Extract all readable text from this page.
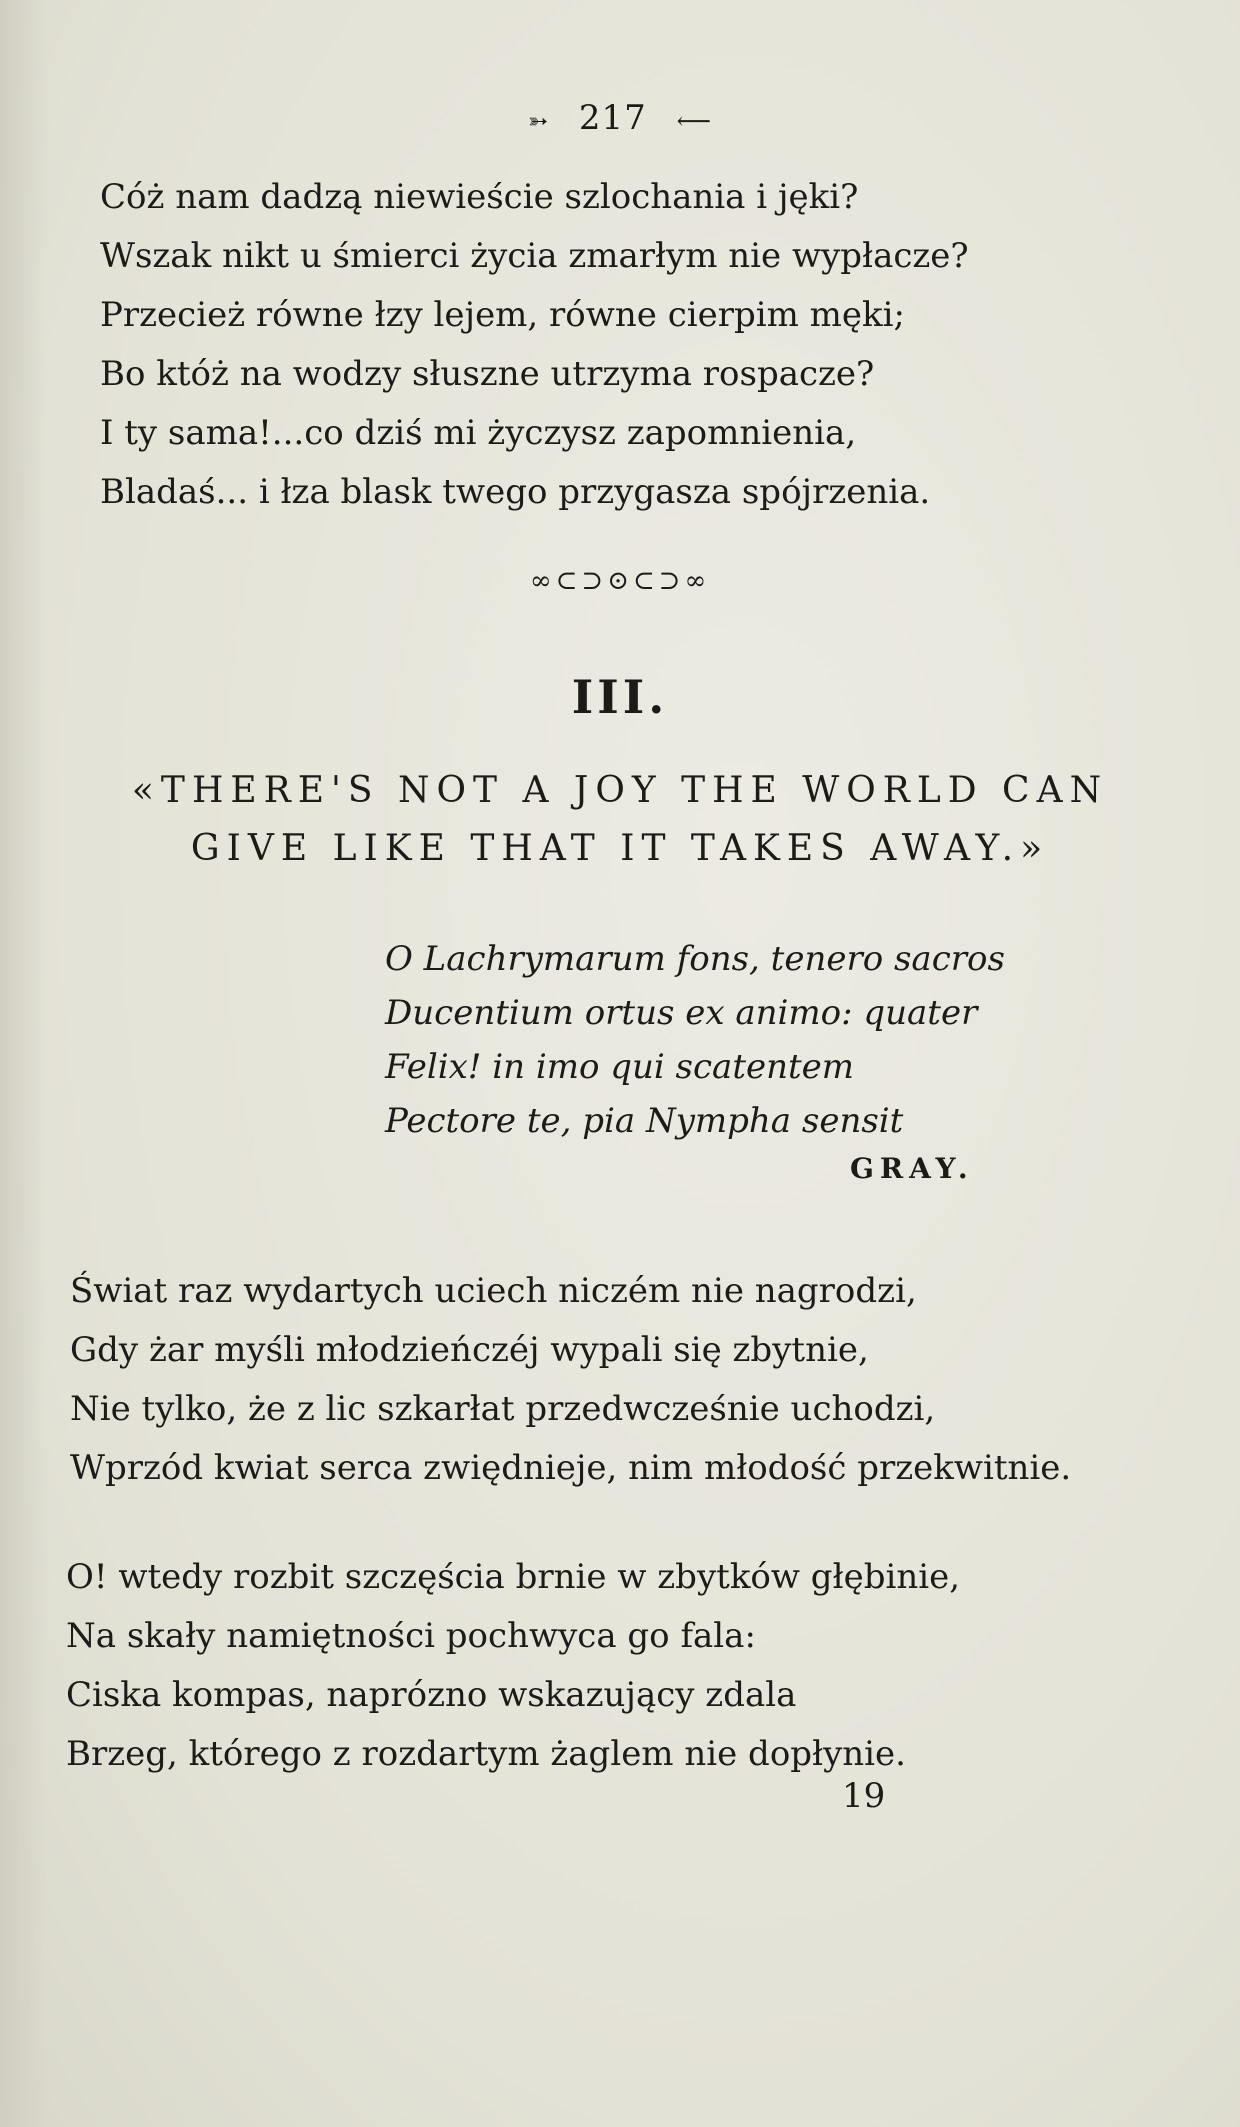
➳ 217 ⟵
Cóż nam dadzą niewieście szlochania i jęki?
Wszak nikt u śmierci życia zmarłym nie wypłacze?
Przecież równe łzy lejem, równe cierpim męki;
Bo któż na wodzy słuszne utrzyma rospacze?
I ty sama!...co dziś mi życzysz zapomnienia,
Bladaś... i łza blask twego przygasza spójrzenia.
∞⊂⊃⊙⊂⊃∞
III.
«THERE'S NOT A JOY THE WORLD CAN
GIVE LIKE THAT IT TAKES AWAY.»
O Lachrymarum fons, tenero sacros
Ducentium ortus ex animo: quater
Felix! in imo qui scatentem
Pectore te, pia Nympha sensit
GRAY.
Świat raz wydartych uciech niczém nie nagrodzi,
Gdy żar myśli młodzieńczéj wypali się zbytnie,
Nie tylko, że z lic szkarłat przedwcześnie uchodzi,
Wprzód kwiat serca zwiędnieje, nim młodość przekwitnie.
O! wtedy rozbit szczęścia brnie w zbytków głębinie,
Na skały namiętności pochwyca go fala:
Ciska kompas, naprózno wskazujący zdala
Brzeg, którego z rozdartym żaglem nie dopłynie.
19
